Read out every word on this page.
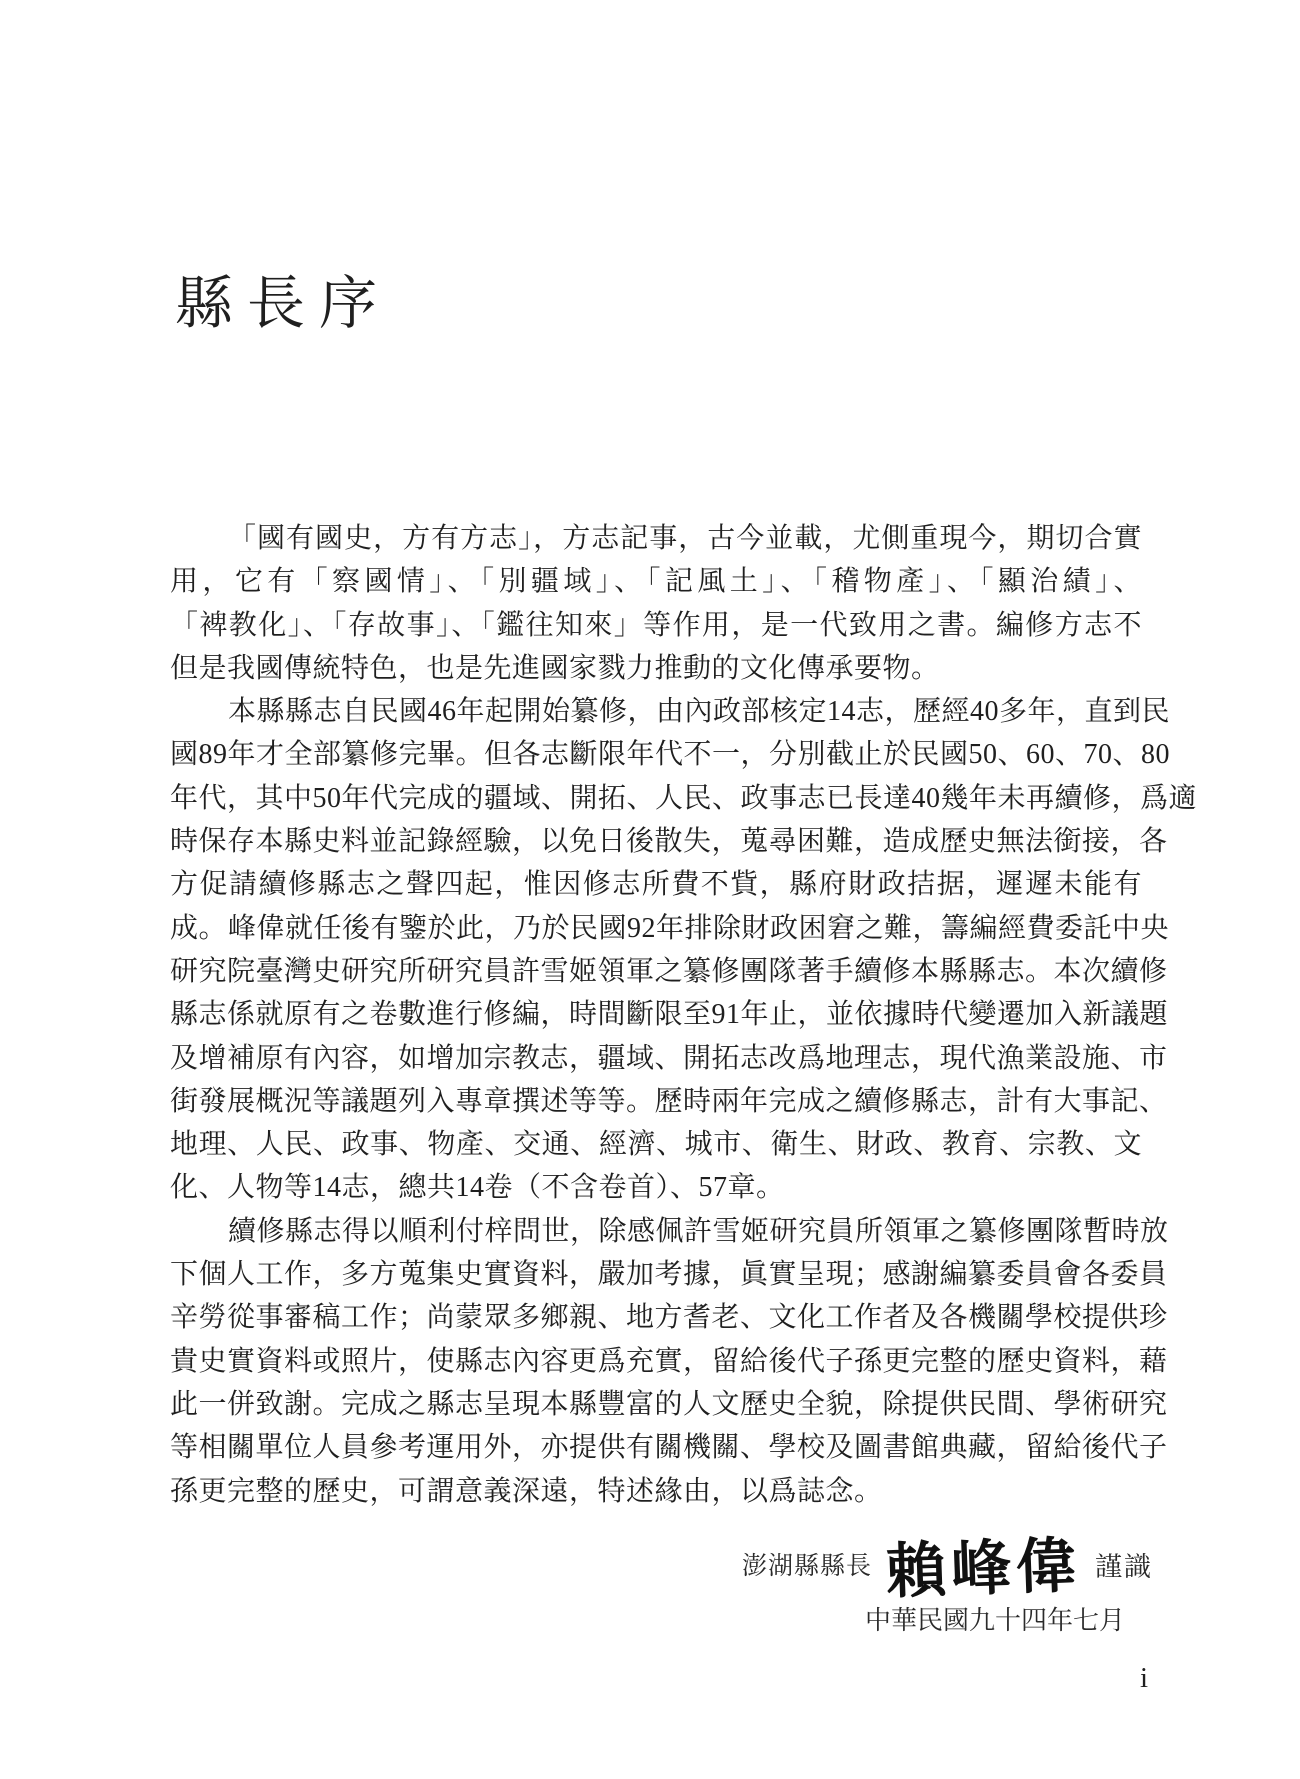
縣長序
「國有國史，方有方志」，方志記事，古今並載，尤側重現今，期切合實
用，它有「察國情」、「別疆域」、「記風土」、「稽物產」、「顯治績」、
「裨教化」、「存故事」、「鑑往知來」等作用，是一代致用之書。編修方志不
但是我國傳統特色，也是先進國家戮力推動的文化傳承要物。
本縣縣志自民國46年起開始纂修，由內政部核定14志，歷經40多年，直到民
國89年才全部纂修完畢。但各志斷限年代不一，分別截止於民國50、60、70、80
年代，其中50年代完成的疆域、開拓、人民、政事志已長達40幾年未再續修，爲適
時保存本縣史料並記錄經驗，以免日後散失，蒐尋困難，造成歷史無法銜接，各
方促請續修縣志之聲四起，惟因修志所費不貲，縣府財政拮据，遲遲未能有成。 峰偉就任後有鑒於此，乃於民國92年排除財政困窘之難，籌編經費委託中央
研究院臺灣史研究所研究員許雪姬領軍之纂修團隊著手續修本縣縣志。本次續修
縣志係就原有之卷數進行修編，時間斷限至91年止，並依據時代變遷加入新議題
及增補原有內容，如增加宗教志，疆域、開拓志改爲地理志，現代漁業設施、市
街發展概況等議題列入專章撰述等等。歷時兩年完成之續修縣志，計有大事記、
地理、人民、政事、物產、交通、經濟、城市、衛生、財政、教育、宗教、文
化、人物等14志，總共14卷（不含卷首）、57章。
續修縣志得以順利付梓問世，除感佩許雪姬研究員所領軍之纂修團隊暫時放
下個人工作，多方蒐集史實資料，嚴加考據，眞實呈現；感謝編纂委員會各委員
辛勞從事審稿工作；尚蒙眾多鄉親、地方耆老、文化工作者及各機關學校提供珍
貴史實資料或照片，使縣志內容更爲充實，留給後代子孫更完整的歷史資料，藉
此一併致謝。完成之縣志呈現本縣豐富的人文歷史全貌，除提供民間、學術研究
等相關單位人員參考運用外，亦提供有關機關、學校及圖書館典藏，留給後代子
孫更完整的歷史，可謂意義深遠，特述緣由，以爲誌念。
澎湖縣縣長 賴峰偉 謹識
中華民國九十四年七月
i
